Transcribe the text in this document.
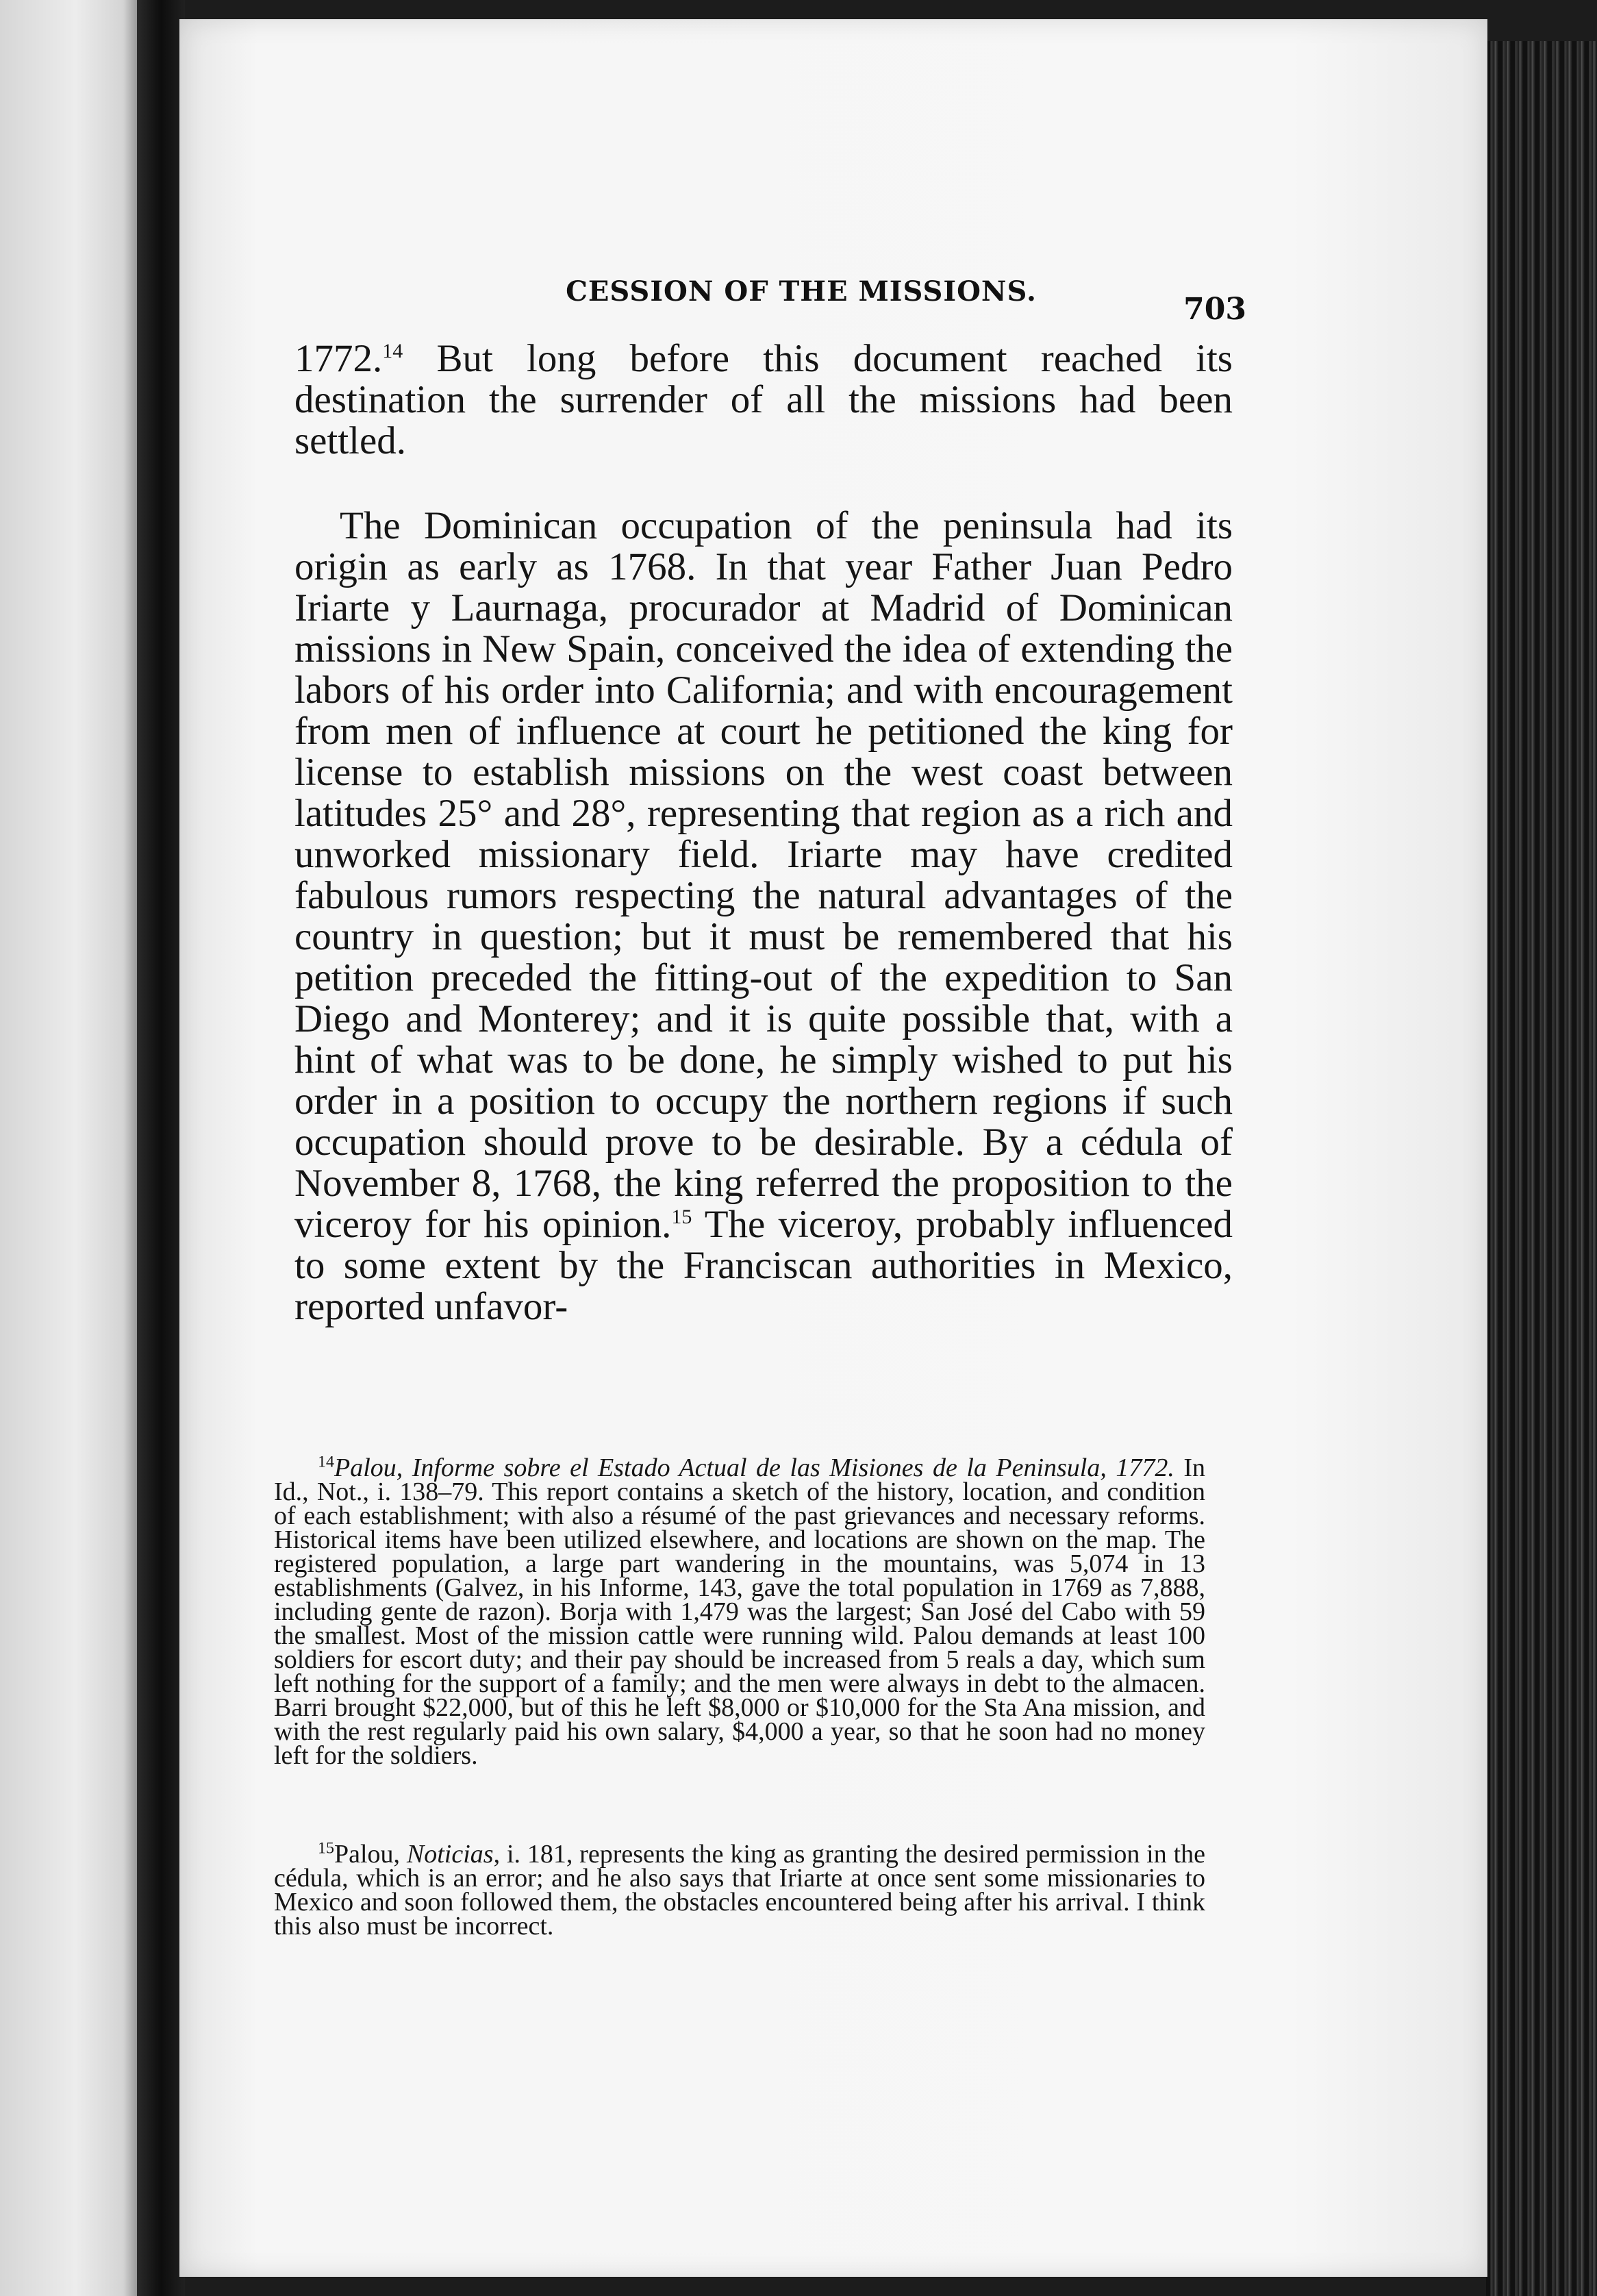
CESSION OF THE MISSIONS.
703
1772.14 But long before this document reached its destination the surrender of all the missions had been settled.
The Dominican occupation of the peninsula had its origin as early as 1768. In that year Father Juan Pedro Iriarte y Laurnaga, procurador at Madrid of Dominican missions in New Spain, conceived the idea of extending the labors of his order into California; and with encouragement from men of influence at court he petitioned the king for license to establish missions on the west coast between latitudes 25° and 28°, representing that region as a rich and unworked missionary field. Iriarte may have credited fabulous rumors respecting the natural advantages of the country in question; but it must be remembered that his petition preceded the fitting-out of the expedition to San Diego and Monterey; and it is quite possible that, with a hint of what was to be done, he simply wished to put his order in a position to occupy the northern regions if such occupation should prove to be desirable. By a cédula of November 8, 1768, the king referred the proposition to the viceroy for his opinion.$^{15}$ The viceroy, probably influenced to some extent by the Franciscan authorities in Mexico, reported unfavor-
$^{14}$Palou, Informe sobre el Estado Actual de las Misiones de la Peninsula, 1772. In Id., Not., i. 138–79. This report contains a sketch of the history, location, and condition of each establishment; with also a résumé of the past grievances and necessary reforms. Historical items have been utilized elsewhere, and locations are shown on the map. The registered population, a large part wandering in the mountains, was 5,074 in 13 establishments (Galvez, in his Informe, 143, gave the total population in 1769 as 7,888, including gente de razon). Borja with 1,479 was the largest; San José del Cabo with 59 the smallest. Most of the mission cattle were running wild. Palou demands at least 100 soldiers for escort duty; and their pay should be increased from 5 reals a day, which sum left nothing for the support of a family; and the men were always in debt to the almacen. Barri brought $22,000, but of this he left $8,000 or $10,000 for the Sta Ana mission, and with the rest regularly paid his own salary, $4,000 a year, so that he soon had no money left for the soldiers.
$^{15}$Palou, Noticias, i. 181, represents the king as granting the desired permission in the cédula, which is an error; and he also says that Iriarte at once sent some missionaries to Mexico and soon followed them, the obstacles encountered being after his arrival. I think this also must be incorrect.
